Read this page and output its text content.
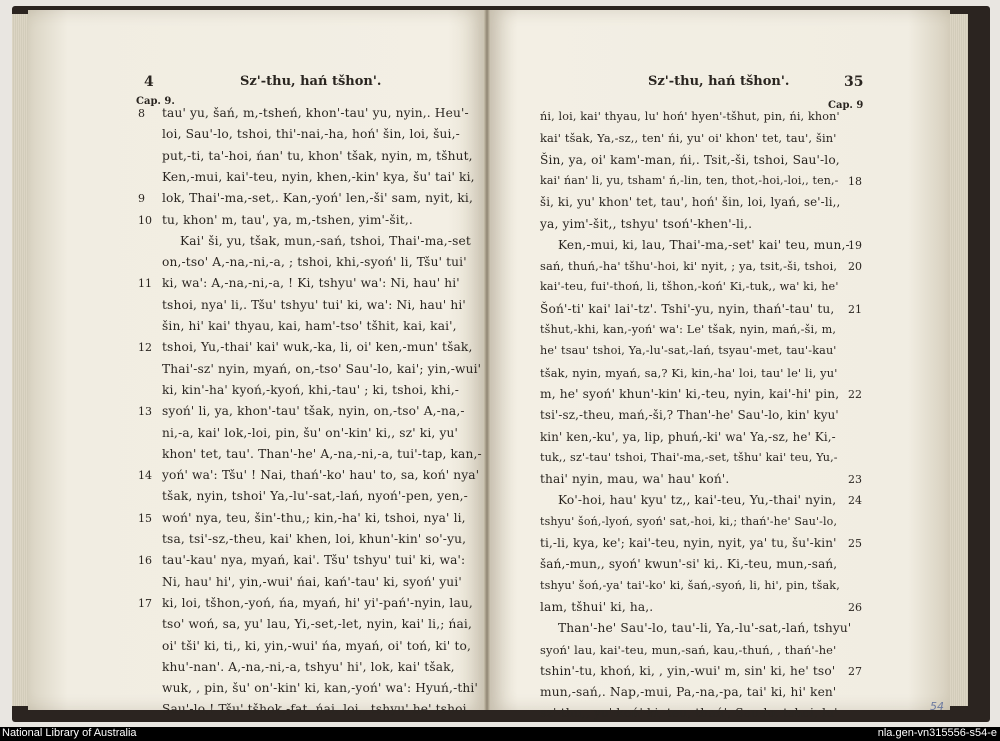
4	Sz'-thu, hań tšhon'.
Cap. 9.
8
9
10
11
12
13
14
15
16
17
tau' yu, šań, m,-tsheń, khon'-tau' yu, nyin,. Heu'-
loi, Sau'-lo, tshoi, thi'-nai,-ha, hoń' šin, loi, šui,-
put,-ti, ta'-hoi, ńan' tu, khon' tšak, nyin, m, tšhut,
Ken,-mui, kai'-teu, nyin, khen,-kin' kya, šu' tai' ki,
lok, Thai'-ma,-set,. Kan,-yoń' len,-ši' sam, nyit, ki,
tu, khon' m, tau', ya, m,-tshen, yim'-šit,.
Kai' ši, yu, tšak, mun,-sań, tshoi, Thai'-ma,-set
on,-tso' A,-na,-ni,-a, ; tshoi, khi,-syoń' li, Tšu' tui'
ki, wa': A,-na,-ni,-a, ! Ki, tshyu' wa': Ni, hau' hi'
tshoi, nya' li,. Tšu' tshyu' tui' ki, wa': Ni, hau' hi'
šin, hi' kai' thyau, kai, ham'-tso' tšhit, kai, kai',
tshoi, Yu,-thai' kai' wuk,-ka, li, oi' ken,-mun' tšak,
Thai'-sz' nyin, myań, on,-tso' Sau'-lo, kai'; yin,-wui'
ki, kin'-ha' kyoń,-kyoń, khi,-tau' ; ki, tshoi, khi,-
syoń' li, ya, khon'-tau' tšak, nyin, on,-tso' A,-na,-
ni,-a, kai' lok,-loi, pin, šu' on'-kin' ki,, sz' ki, yu'
khon' tet, tau'. Than'-he' A,-na,-ni,-a, tui'-tap, kan,-
yoń' wa': Tšu' ! Nai, thań'-ko' hau' to, sa, koń' nya'
tšak, nyin, tshoi' Ya,-lu'-sat,-lań, nyoń'-pen, yen,-
woń' nya, teu, šin'-thu,; kin,-ha' ki, tshoi, nya' li,
tsa, tsi'-sz,-theu, kai' khen, loi, khun'-kin' so'-yu,
tau'-kau' nya, myań, kai'. Tšu' tshyu' tui' ki, wa':
Ni, hau' hi', yin,-wui' ńai, kań'-tau' ki, syoń' yui'
ki, loi, tšhon,-yoń, ńa, myań, hi' yi'-pań'-nyin, lau,
tso' woń, sa, yu' lau, Yi,-set,-let, nyin, kai' li,; ńai,
oi' tši' ki, ti,, ki, yin,-wui' ńa, myań, oi' toń, ki' to,
khu'-nan'. A,-na,-ni,-a, tshyu' hi', lok, kai' tšak,
wuk, , pin, šu' on'-kin' ki, kan,-yoń' wa': Hyuń,-thi'
Sau'-lo,! Tšu' tšhok,-fat, ńai, loi,, tshyu' he' tshoi
Sz'-thu, hań tšhon'.	35
Cap. 9
18
19
20
21
22
23
24
25
26
27
ńi, loi, kai' thyau, lu' hoń' hyen'-tšhut, pin, ńi, khon'
kai' tšak, Ya,-sz,, ten' ńi, yu' oi' khon' tet, tau', šin'
Šin, ya, oi' kam'-man, ńi,. Tsit,-ši, tshoi, Sau'-lo,
kai' ńan' li, yu, tsham' ń,-lin, ten, thot,-hoi,-loi,, ten,-
ši, ki, yu' khon' tet, tau', hoń' šin, loi, lyań, se'-li,,
ya, yim'-šit,, tshyu' tsoń'-khen'-li,.
Ken,-mui, ki, lau, Thai'-ma,-set' kai' teu, mun,-
sań, thuń,-ha' tšhu'-hoi, ki' nyit, ; ya, tsit,-ši, tshoi,
kai'-teu, fui'-thoń, li, tšhon,-koń' Ki,-tuk,, wa' ki, he'
Šoń'-ti' kai' lai'-tz'. Tshi'-yu, nyin, thań'-tau' tu,
tšhut,-khi, kan,-yoń' wa': Le' tšak, nyin, mań,-ši, m,
he' tsau' tshoi, Ya,-lu'-sat,-lań, tsyau'-met, tau'-kau'
tšak, nyin, myań, sa,? Ki, kin,-ha' loi, tau' le' li, yu'
m, he' syoń' khun'-kin' ki,-teu, nyin, kai'-hi' pin,
tsi'-sz,-theu, mań,-ši,? Than'-he' Sau'-lo, kin' kyu'
kin' ken,-ku', ya, lip, phuń,-ki' wa' Ya,-sz, he' Ki,-
tuk,, sz'-tau' tshoi, Thai'-ma,-set, tšhu' kai' teu, Yu,-
thai' nyin, mau, wa' hau' koń'.
Ko'-hoi, hau' kyu' tz,, kai'-teu, Yu,-thai' nyin,
tshyu' šoń,-lyoń, syoń' sat,-hoi, ki,; thań'-he' Sau'-lo,
ti,-li, kya, ke'; kai'-teu, nyin, nyit, ya' tu, šu'-kin'
šań,-mun,, syoń' kwun'-si' ki,. Ki,-teu, mun,-sań,
tshyu' šoń,-ya' tai'-ko' ki, šań,-syoń, li, hi', pin, tšak,
lam, tšhui' ki, ha,.
Than'-he' Sau'-lo, tau'-li, Ya,-lu'-sat,-lań, tshyu'
syoń' lau, kai'-teu, mun,-sań, kau,-thuń, , thań'-he'
tshin'-tu, khoń, ki, , yin,-wui' m, sin' ki, he' tso'
mun,-sań,. Nap,-mui, Pa,-na,-pa, tai' ki, hi' ken'
sz'-thu,, yu' koń' ki,-teu, thań', Sau-lo, tshoi, lu'	54
National Library of Australia	nla.gen-vn315556-s54-e
